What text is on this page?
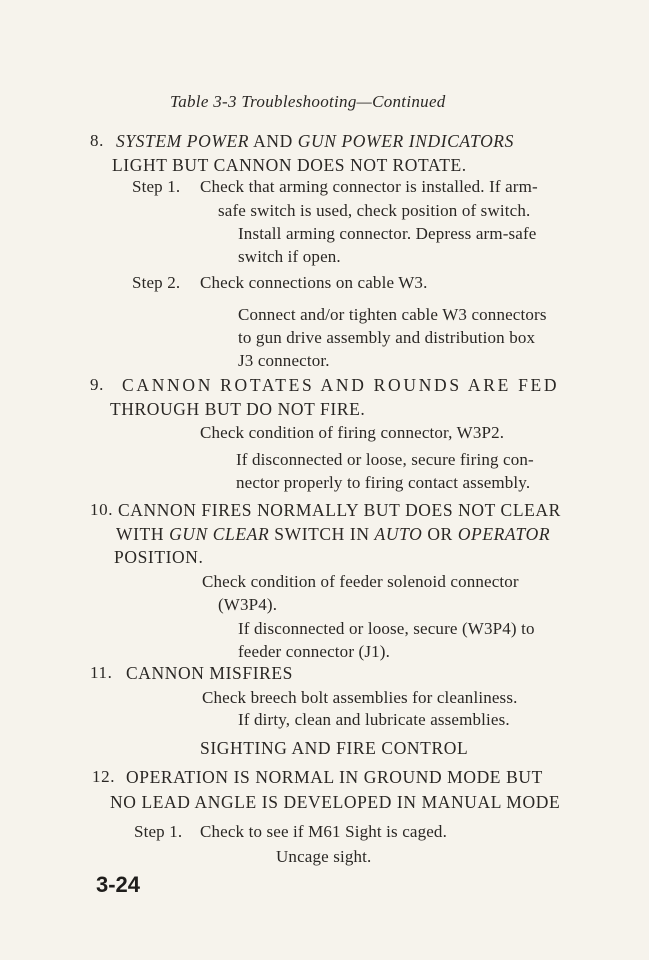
Table 3-3 Troubleshooting—Continued
8. SYSTEM POWER AND GUN POWER INDICATORS
LIGHT BUT CANNON DOES NOT ROTATE.
Step 1. Check that arming connector is installed. If arm-
safe switch is used, check position of switch.
Install arming connector. Depress arm-safe
switch if open.
Step 2. Check connections on cable W3.
Connect and/or tighten cable W3 connectors
to gun drive assembly and distribution box
J3 connector.
9. CANNON ROTATES AND ROUNDS ARE FED
THROUGH BUT DO NOT FIRE.
Check condition of firing connector, W3P2.
If disconnected or loose, secure firing con-
nector properly to firing contact assembly.
10. CANNON FIRES NORMALLY BUT DOES NOT CLEAR
WITH GUN CLEAR SWITCH IN AUTO OR OPERATOR
POSITION.
Check condition of feeder solenoid connector
(W3P4).
If disconnected or loose, secure (W3P4) to
feeder connector (J1).
11. CANNON MISFIRES
Check breech bolt assemblies for cleanliness.
If dirty, clean and lubricate assemblies.
SIGHTING AND FIRE CONTROL
12. OPERATION IS NORMAL IN GROUND MODE BUT
NO LEAD ANGLE IS DEVELOPED IN MANUAL MODE
Step 1. Check to see if M61 Sight is caged.
Uncage sight.
3-24
